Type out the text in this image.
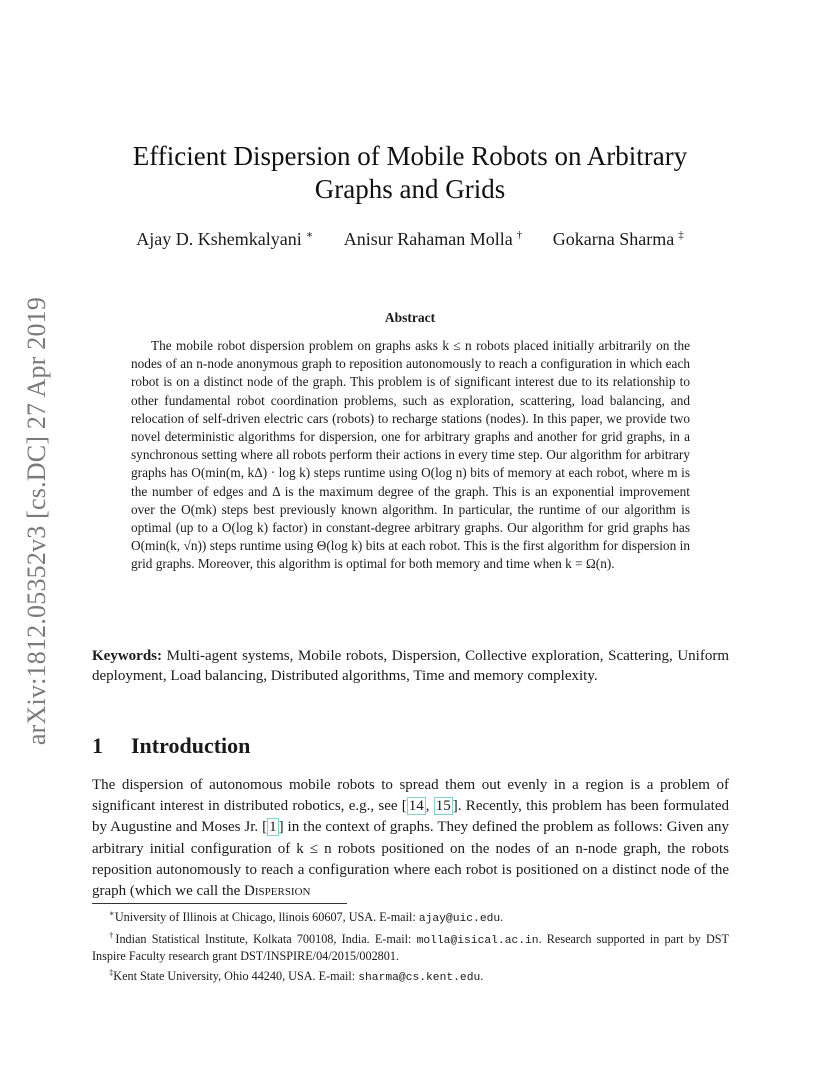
arXiv:1812.05352v3 [cs.DC] 27 Apr 2019
Efficient Dispersion of Mobile Robots on Arbitrary
Graphs and Grids
Ajay D. Kshemkalyani ∗ Anisur Rahaman Molla † Gokarna Sharma ‡
Abstract

The mobile robot dispersion problem on graphs asks k ≤ n robots placed initially arbitrarily on the nodes of an n-node anonymous graph to reposition autonomously to reach a configuration in which each robot is on a distinct node of the graph. This problem is of significant interest due to its relationship to other fundamental robot coordination problems, such as exploration, scattering, load balancing, and relocation of self-driven electric cars (robots) to recharge stations (nodes). In this paper, we provide two novel deterministic algorithms for dispersion, one for arbitrary graphs and another for grid graphs, in a synchronous setting where all robots perform their actions in every time step. Our algorithm for arbitrary graphs has O(min(m, kΔ) · log k) steps runtime using O(log n) bits of memory at each robot, where m is the number of edges and Δ is the maximum degree of the graph. This is an exponential improvement over the O(mk) steps best previously known algorithm. In particular, the runtime of our algorithm is optimal (up to a O(log k) factor) in constant-degree arbitrary graphs. Our algorithm for grid graphs has O(min(k, √n)) steps runtime using Θ(log k) bits at each robot. This is the first algorithm for dispersion in grid graphs. Moreover, this algorithm is optimal for both memory and time when k = Ω(n).

Keywords: Multi-agent systems, Mobile robots, Dispersion, Collective exploration, Scattering, Uniform deployment, Load balancing, Distributed algorithms, Time and memory complexity.

1 Introduction

The dispersion of autonomous mobile robots to spread them out evenly in a region is a problem of significant interest in distributed robotics, e.g., see [ 14 , 15 ]. Recently, this problem has been formulated by Augustine and Moses Jr. [ 1 ] in the context of graphs. They defined the problem as follows: Given any arbitrary initial configuration of k ≤ n robots positioned on the nodes of an n-node graph, the robots reposition autonomously to reach a configuration where each robot is positioned on a distinct node of the graph (which we call the Dispersion

∗University of Illinois at Chicago, llinois 60607, USA. E-mail: ajay@uic.edu.

†Indian Statistical Institute, Kolkata 700108, India. E-mail: molla@isical.ac.in. Research supported in part by DST Inspire Faculty research grant DST/INSPIRE/04/2015/002801.

‡Kent State University, Ohio 44240, USA. E-mail: sharma@cs.kent.edu.
